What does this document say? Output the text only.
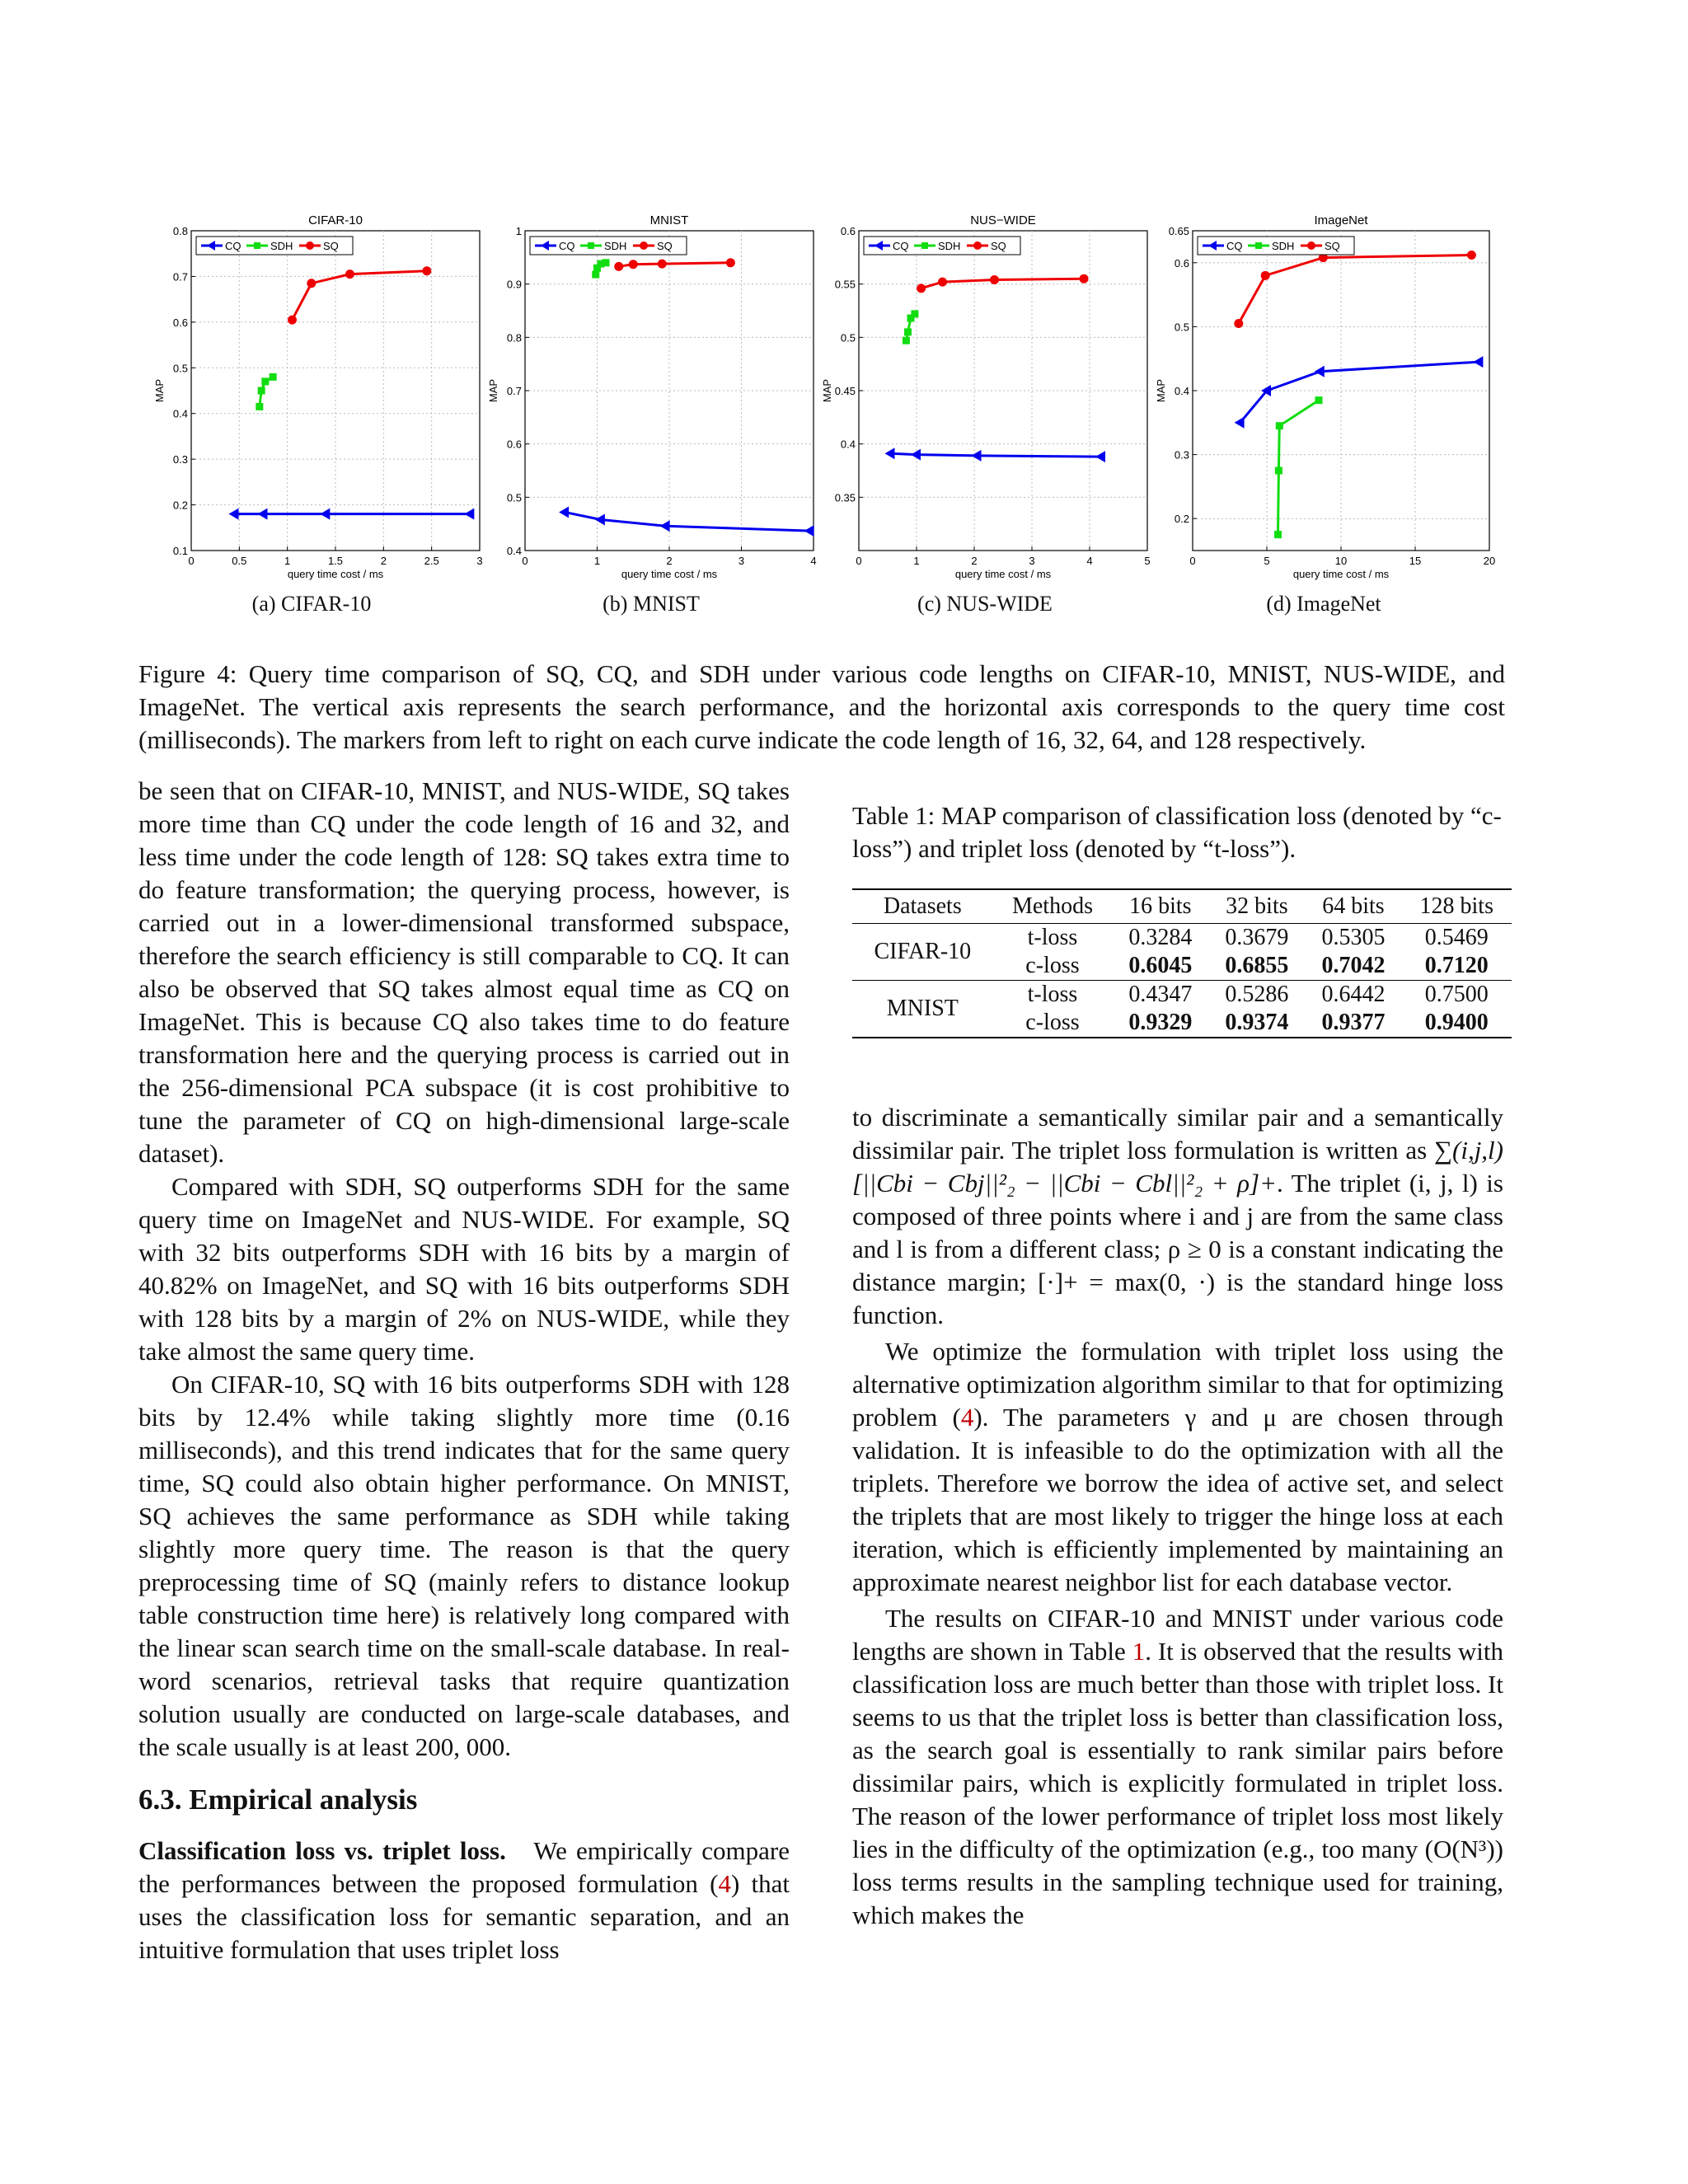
CIFAR-10
0.1
0.2
0.3
0.4
0.5
0.6
0.7
0.8
0	0.5	1	1.5	2	2.5	3
query time cost / ms
MAP
CQ	SDH	SQ
MNIST
0.4
0.5
0.6
0.7
0.8
0.9
1
0	1	2	3	4
query time cost / ms
MAP
CQ	SDH	SQ
NUS−WIDE
0.35
0.4
0.45
0.5
0.55
0.6
0	1	2	3	4	5
query time cost / ms
MAP
CQ	SDH	SQ
ImageNet
0.2
0.3
0.4
0.5
0.6
0.65
0	5	10	15	20
query time cost / ms
MAP
CQ	SDH	SQ
(a) CIFAR-10	(b) MNIST	(c) NUS-WIDE	(d) ImageNet
Figure 4: Query time comparison of SQ, CQ, and SDH under various code lengths on CIFAR-10, MNIST, NUS-WIDE, and ImageNet. The vertical axis represents the search performance, and the horizontal axis corresponds to the query time cost (milliseconds). The markers from left to right on each curve indicate the code length of 16, 32, 64, and 128 respectively.

be seen that on CIFAR-10, MNIST, and NUS-WIDE, SQ takes more time than CQ under the code length of 16 and 32, and less time under the code length of 128: SQ takes extra time to do feature transformation; the querying process, however, is carried out in a lower-dimensional transformed subspace, therefore the search efficiency is still comparable to CQ. It can also be observed that SQ takes almost equal time as CQ on ImageNet. This is because CQ also takes time to do feature transformation here and the querying process is carried out in the 256-dimensional PCA subspace (it is cost prohibitive to tune the parameter of CQ on high-dimensional large-scale dataset).

Compared with SDH, SQ outperforms SDH for the same query time on ImageNet and NUS-WIDE. For example, SQ with 32 bits outperforms SDH with 16 bits by a margin of 40.82% on ImageNet, and SQ with 16 bits outperforms SDH with 128 bits by a margin of 2% on NUS-WIDE, while they take almost the same query time.

On CIFAR-10, SQ with 16 bits outperforms SDH with 128 bits by 12.4% while taking slightly more time (0.16 milliseconds), and this trend indicates that for the same query time, SQ could also obtain higher performance. On MNIST, SQ achieves the same performance as SDH while taking slightly more query time. The reason is that the query preprocessing time of SQ (mainly refers to distance lookup table construction time here) is relatively long compared with the linear scan search time on the small-scale database. In real-word scenarios, retrieval tasks that require quantization solution usually are conducted on large-scale databases, and the scale usually is at least 200, 000.

6.3. Empirical analysis

Classification loss vs. triplet loss. We empirically compare the performances between the proposed formulation (4) that uses the classification loss for semantic separation, and an intuitive formulation that uses triplet loss

Table 1: MAP comparison of classification loss (denoted by “c-loss”) and triplet loss (denoted by “t-loss”).
Datasets	Methods	16 bits	32 bits	64 bits	128 bits
CIFAR-10	t-loss	0.3284	0.3679	0.5305	0.5469
	c-loss	0.6045	0.6855	0.7042	0.7120
MNIST	t-loss	0.4347	0.5286	0.6442	0.7500
	c-loss	0.9329	0.9374	0.9377	0.9400

to discriminate a semantically similar pair and a semantically dissimilar pair. The triplet loss formulation is written as ∑(i,j,l)[||Cbi − Cbj||²₂ − ||Cbi − Cbl||²₂ + ρ]+. The triplet (i, j, l) is composed of three points where i and j are from the same class and l is from a different class; ρ ≥ 0 is a constant indicating the distance margin; [·]+ = max(0, ·) is the standard hinge loss function.

We optimize the formulation with triplet loss using the alternative optimization algorithm similar to that for optimizing problem (4). The parameters γ and μ are chosen through validation. It is infeasible to do the optimization with all the triplets. Therefore we borrow the idea of active set, and select the triplets that are most likely to trigger the hinge loss at each iteration, which is efficiently implemented by maintaining an approximate nearest neighbor list for each database vector.

The results on CIFAR-10 and MNIST under various code lengths are shown in Table 1. It is observed that the results with classification loss are much better than those with triplet loss. It seems to us that the triplet loss is better than classification loss, as the search goal is essentially to rank similar pairs before dissimilar pairs, which is explicitly formulated in triplet loss. The reason of the lower performance of triplet loss most likely lies in the difficulty of the optimization (e.g., too many (O(N³)) loss terms results in the sampling technique used for training, which makes the
